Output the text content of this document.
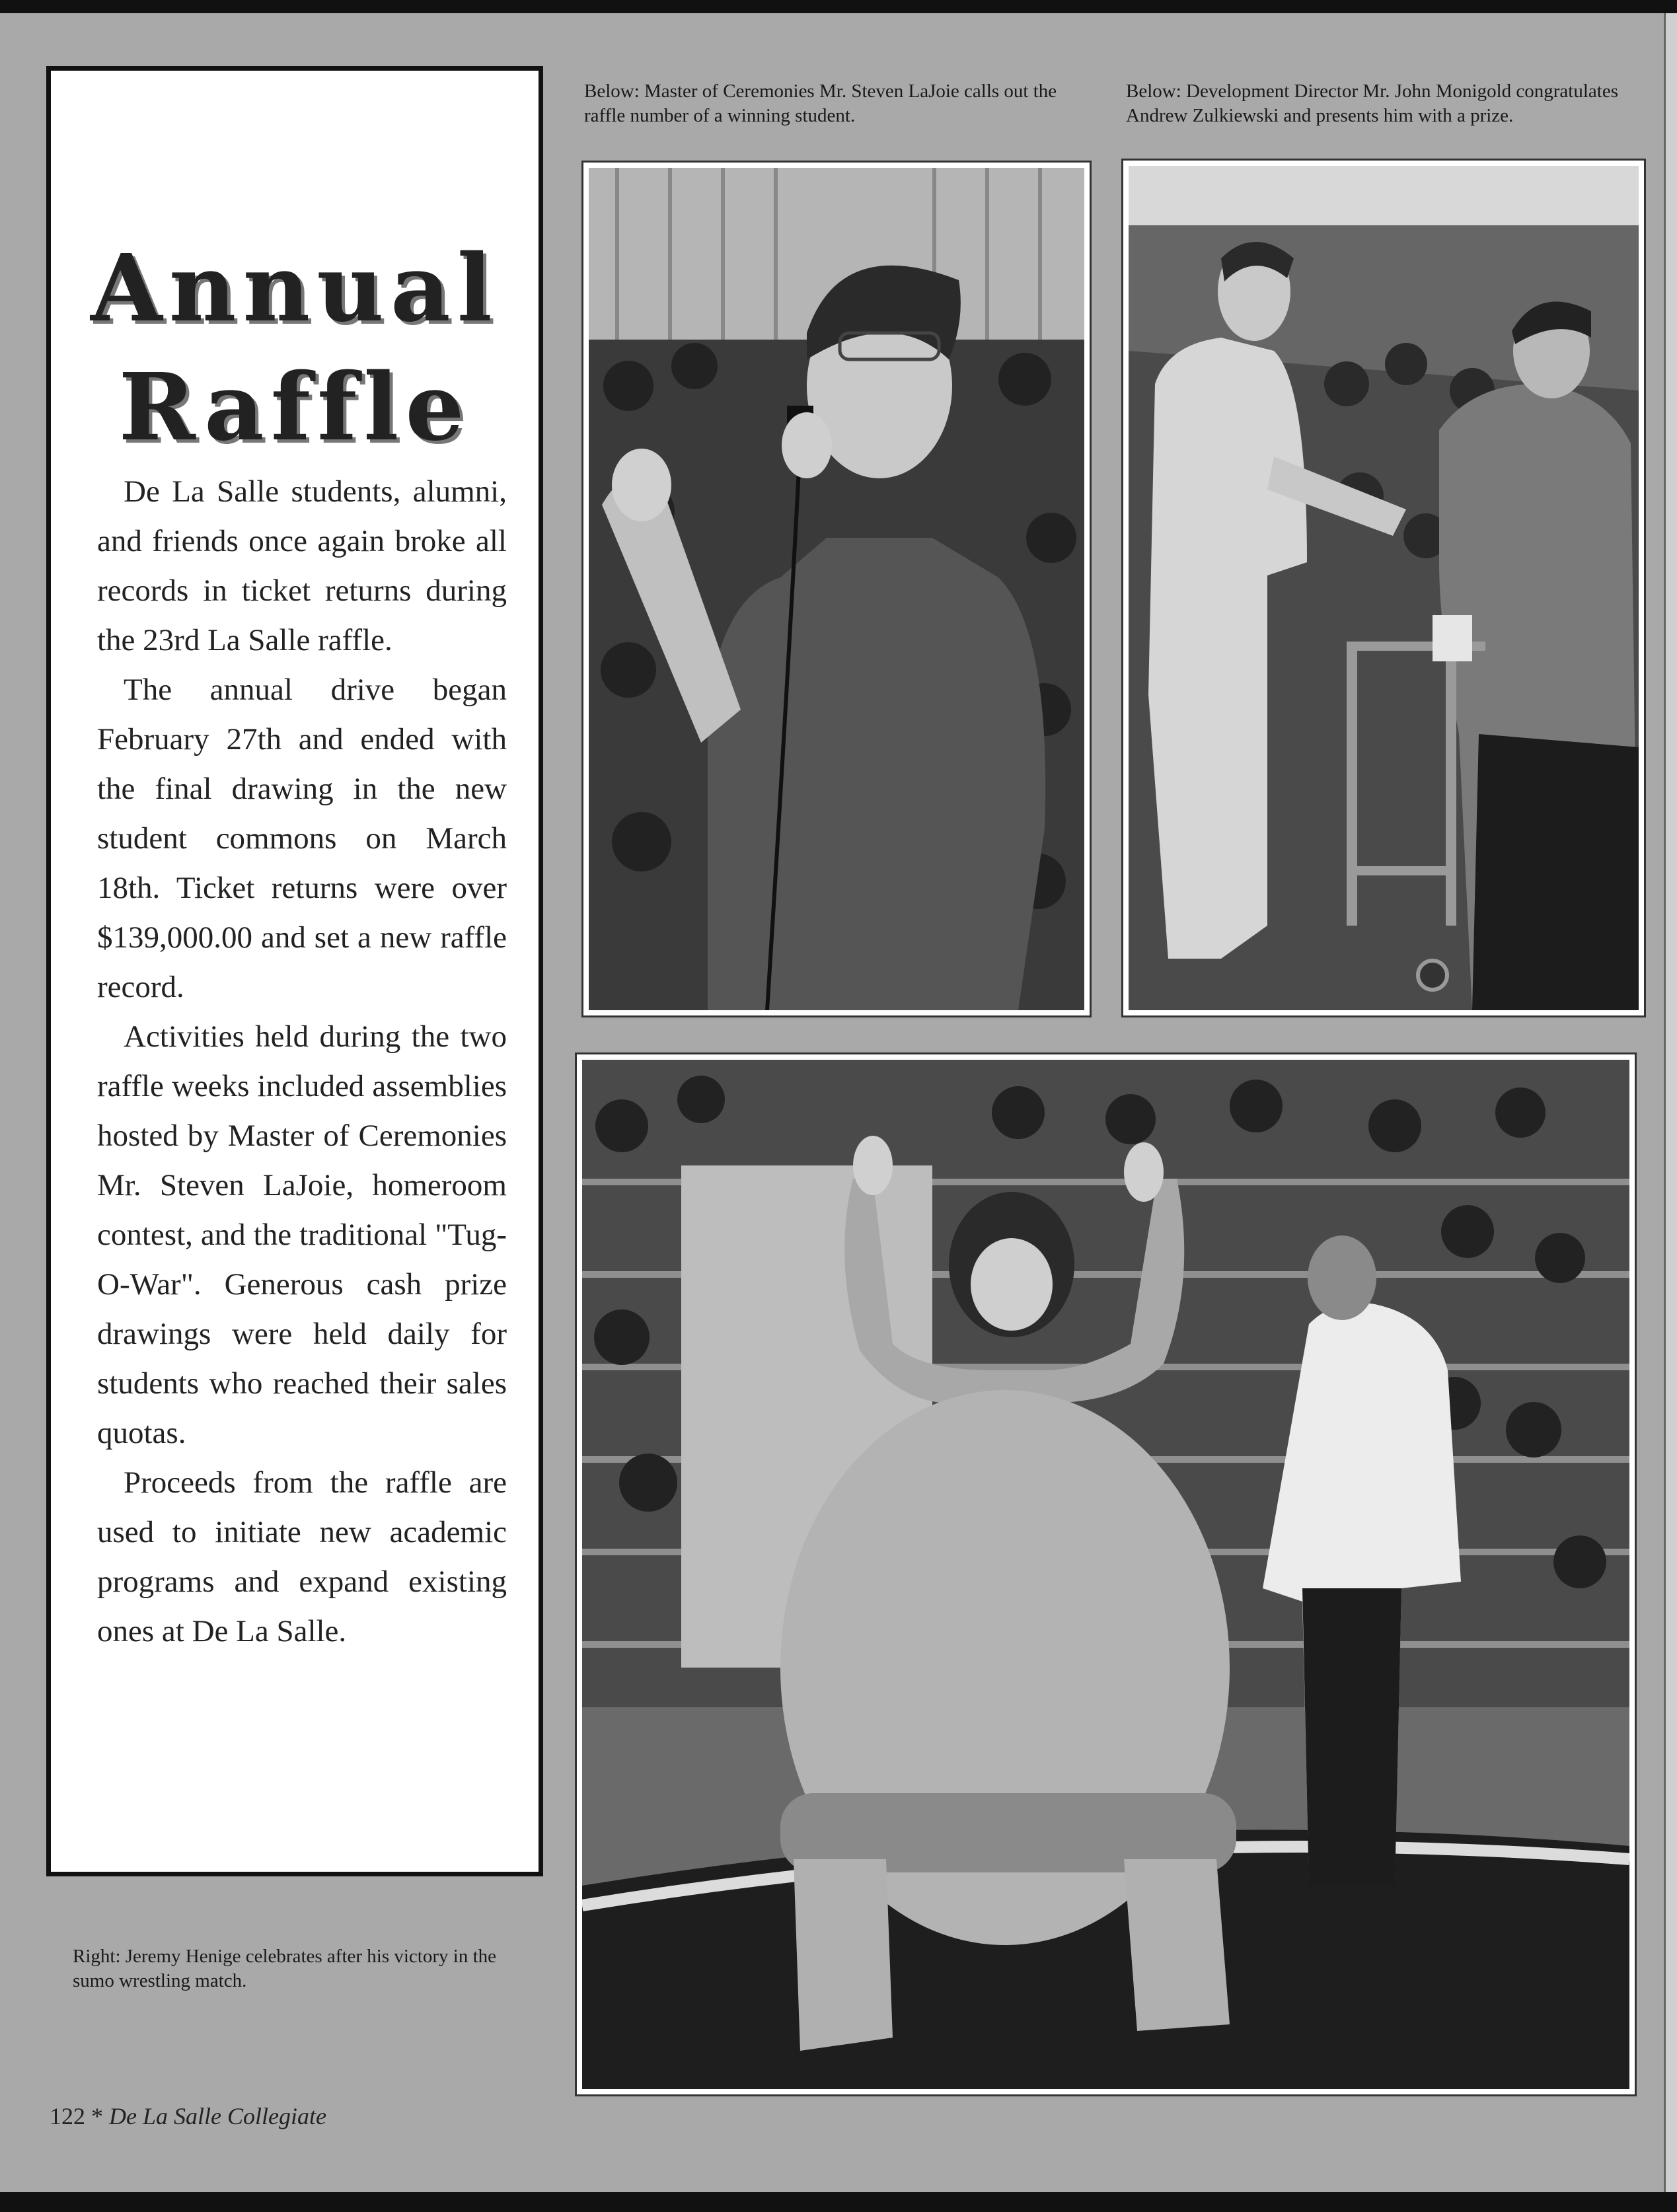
Annual
Raffle

De La Salle students, alumni, and friends once again broke all records in ticket returns during the 23rd La Salle raffle.

The annual drive began February 27th and ended with the final drawing in the new student commons on March 18th. Ticket returns were over $139,000.00 and set a new raffle record.

Activities held during the two raffle weeks included assemblies hosted by Master of Ceremonies Mr. Steven LaJoie, homeroom contest, and the traditional "Tug-O-War". Generous cash prize drawings were held daily for students who reached their sales quotas.

Proceeds from the raffle are used to initiate new academic programs and expand existing ones at De La Salle.

Below: Master of Ceremonies Mr. Steven LaJoie calls out the raffle number of a winning student.
Below: Development Director Mr. John Monigold congratulates Andrew Zulkiewski and presents him with a prize.
Right: Jeremy Henige celebrates after his victory in the sumo wrestling match.
122 * De La Salle Collegiate
